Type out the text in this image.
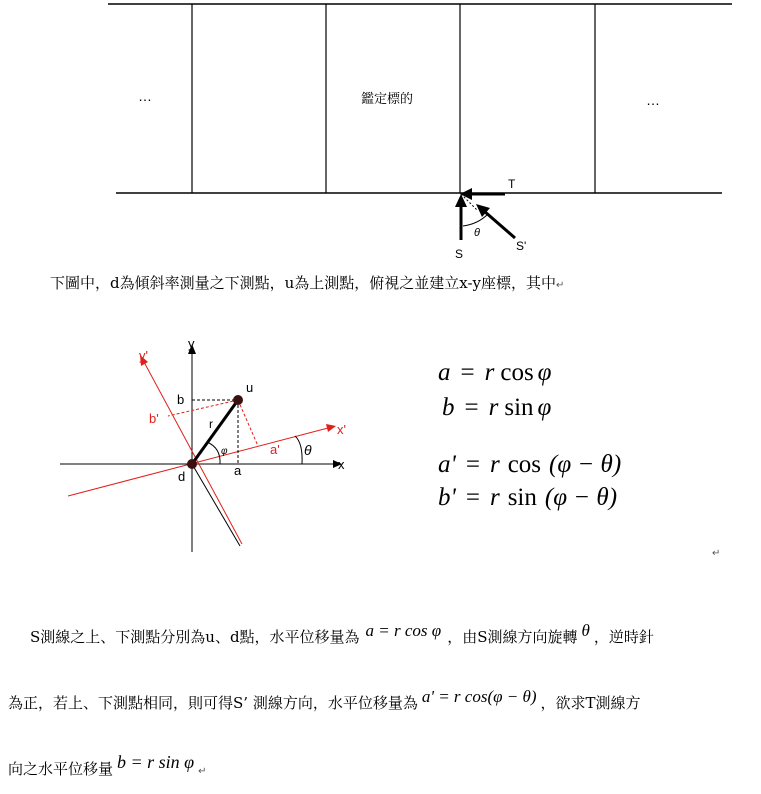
…	鑑定標的	…
T
S
S'
θ
下圖中，d為傾斜率測量之下測點，u為上測點，俯視之並建立x-y座標，其中↵
y
y'
x
x'
u
d
r
b
b'
a
a'
φ	θ
a = r cos φ
b = r sin φ
a' = r cos (φ − θ)
b' = r sin (φ − θ)
↵
S測線之上、下測點分別為u、d點，水平位移量為 a = r cos φ ，由S測線方向旋轉 θ ，逆時針
為正，若上、下測點相同，則可得S’ 測線方向，水平位移量為 a' = r cos(φ − θ) ，欲求T測線方
向之水平位移量 b = r sin φ ↵
